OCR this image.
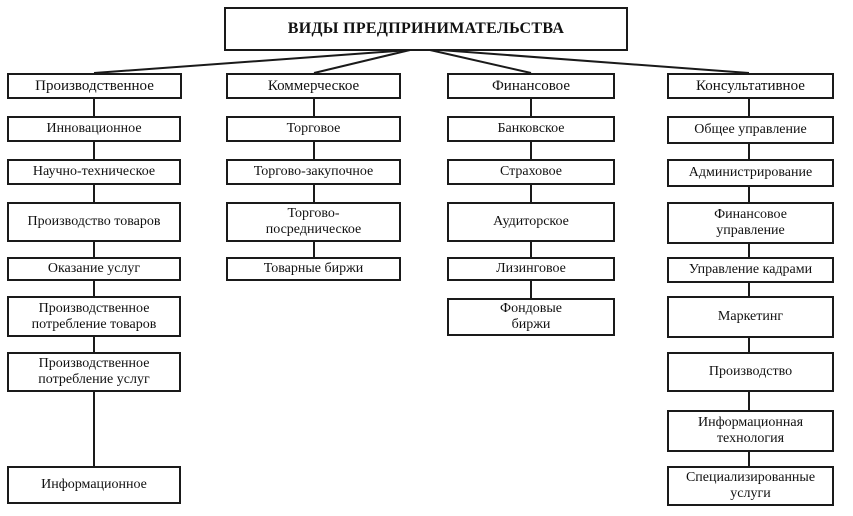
ВИДЫ ПРЕДПРИНИМАТЕЛЬСТВА
Производственное
Инновационное
Научно-техническое
Производство товаров
Оказание услуг
Производственное потребление товаров
Производственное потребление услуг
Информационное
Коммерческое
Торговое
Торгово-закупочное
Торгово-посредническое
Товарные биржи
Финансовое
Банковское
Страховое
Аудиторское
Лизинговое
Фондовые биржи
Консультативное
Общее управление
Администрирование
Финансовое управление
Управление кадрами
Маркетинг
Производство
Информационная технология
Специализированные услуги
